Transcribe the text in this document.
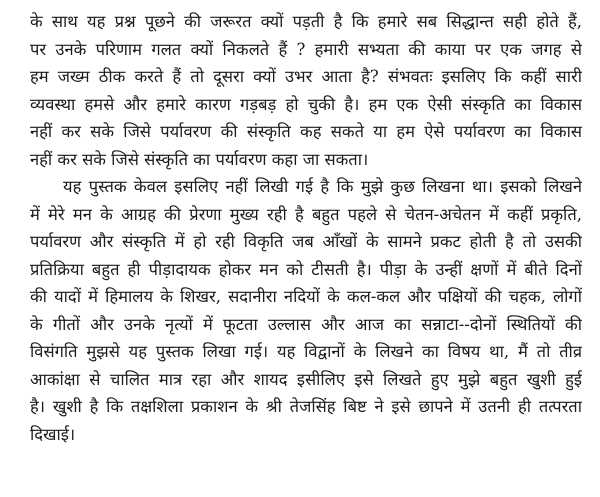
के साथ यह प्रश्न पूछने की जरूरत क्यों पड़ती है कि हमारे सब सिद्धान्त सही होते हैं,
पर उनके परिणाम गलत क्यों निकलते हैं ? हमारी सभ्यता की काया पर एक जगह से
हम जख्म ठीक करते हैं तो दूसरा क्यों उभर आता है? संभवतः इसलिए कि कहीं सारी
व्यवस्था हमसे और हमारे कारण गड़बड़ हो चुकी है। हम एक ऐसी संस्कृति का विकास
नहीं कर सके जिसे पर्यावरण की संस्कृति कह सकते या हम ऐसे पर्यावरण का विकास
नहीं कर सके जिसे संस्कृति का पर्यावरण कहा जा सकता।
यह पुस्तक केवल इसलिए नहीं लिखी गई है कि मुझे कुछ लिखना था। इसको लिखने
में मेरे मन के आग्रह की प्रेरणा मुख्य रही है बहुत पहले से चेतन-अचेतन में कहीं प्रकृति,
पर्यावरण और संस्कृति में हो रही विकृति जब आँखों के सामने प्रकट होती है तो उसकी
प्रतिक्रिया बहुत ही पीड़ादायक होकर मन को टीसती है। पीड़ा के उन्हीं क्षणों में बीते दिनों
की यादों में हिमालय के शिखर, सदानीरा नदियों के कल-कल और पक्षियों की चहक, लोगों
के गीतों और उनके नृत्यों में फूटता उल्लास और आज का सन्नाटा--दोनों स्थितियों की
विसंगति मुझसे यह पुस्तक लिखा गई। यह विद्वानों के लिखने का विषय था, मैं तो तीव्र
आकांक्षा से चालित मात्र रहा और शायद इसीलिए इसे लिखते हुए मुझे बहुत खुशी हुई
है। खुशी है कि तक्षशिला प्रकाशन के श्री तेजसिंह बिष्ट ने इसे छापने में उतनी ही तत्परता
दिखाई।
